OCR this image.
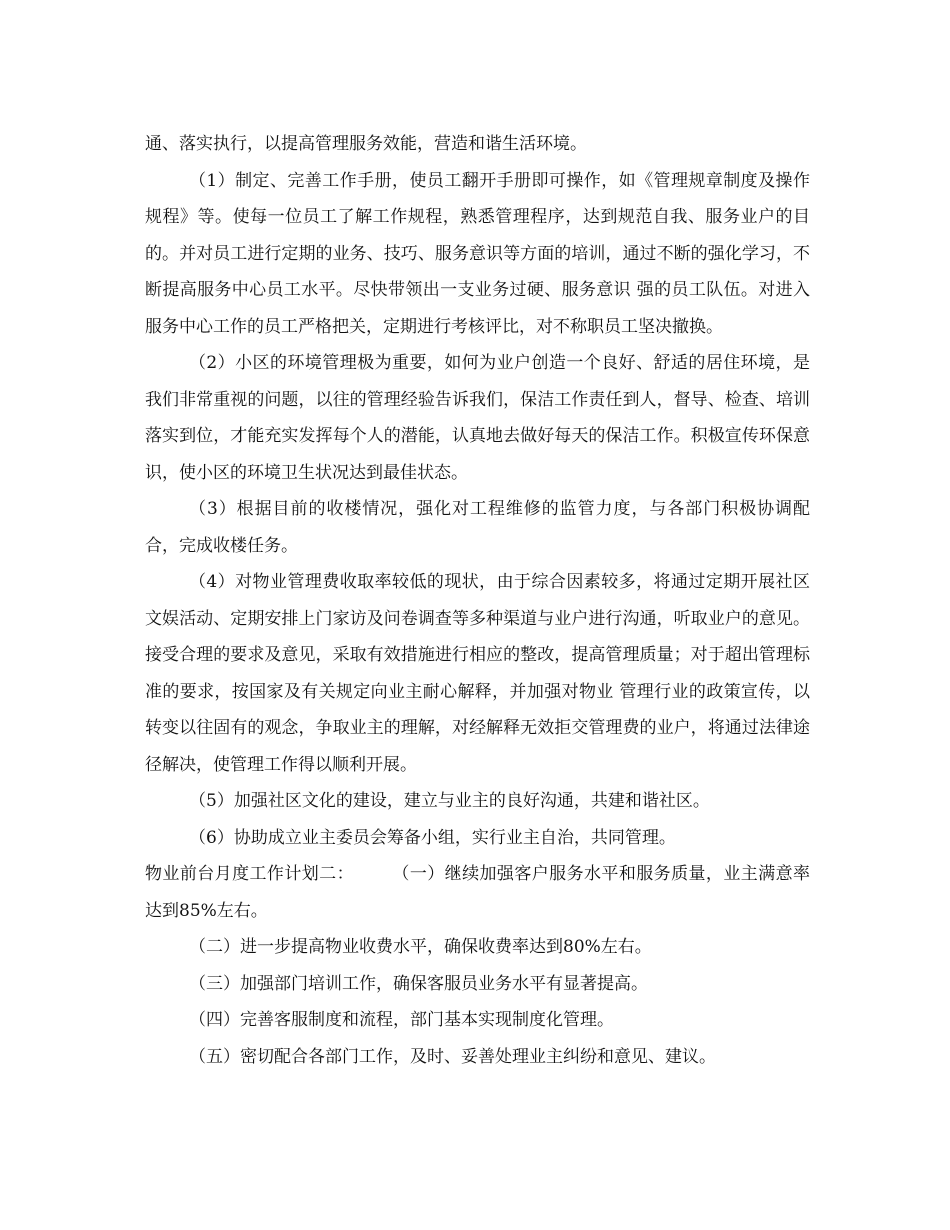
通、落实执行，以提高管理服务效能，营造和谐生活环境。

（1）制定、完善工作手册，使员工翻开手册即可操作，如《管理规章制度及操作规程》等。使每一位员工了解工作规程，熟悉管理程序，达到规范自我、服务业户的目的。并对员工进行定期的业务、技巧、服务意识等方面的培训，通过不断的强化学习，不断提高服务中心员工水平。尽快带领出一支业务过硬、服务意识 强的员工队伍。对进入服务中心工作的员工严格把关，定期进行考核评比，对不称职员工坚决撤换。

（2）小区的环境管理极为重要，如何为业户创造一个良好、舒适的居住环境，是我们非常重视的问题，以往的管理经验告诉我们，保洁工作责任到人，督导、检查、培训落实到位，才能充实发挥每个人的潜能，认真地去做好每天的保洁工作。积极宣传环保意识，使小区的环境卫生状况达到最佳状态。

（3）根据目前的收楼情况，强化对工程维修的监管力度，与各部门积极协调配合，完成收楼任务。

（4）对物业管理费收取率较低的现状，由于综合因素较多，将通过定期开展社区文娱活动、定期安排上门家访及问卷调查等多种渠道与业户进行沟通，听取业户的意见。接受合理的要求及意见，采取有效措施进行相应的整改，提高管理质量；对于超出管理标准的要求，按国家及有关规定向业主耐心解释，并加强对物业 管理行业的政策宣传，以转变以往固有的观念，争取业主的理解，对经解释无效拒交管理费的业户，将通过法律途径解决，使管理工作得以顺利开展。

（5）加强社区文化的建设，建立与业主的良好沟通，共建和谐社区。

（6）协助成立业主委员会筹备小组，实行业主自治，共同管理。

物业前台月度工作计划二： （一）继续加强客户服务水平和服务质量，业主满意率达到85%左右。

（二）进一步提高物业收费水平，确保收费率达到80%左右。

（三）加强部门培训工作，确保客服员业务水平有显著提高。

（四）完善客服制度和流程，部门基本实现制度化管理。

（五）密切配合各部门工作，及时、妥善处理业主纠纷和意见、建议。
